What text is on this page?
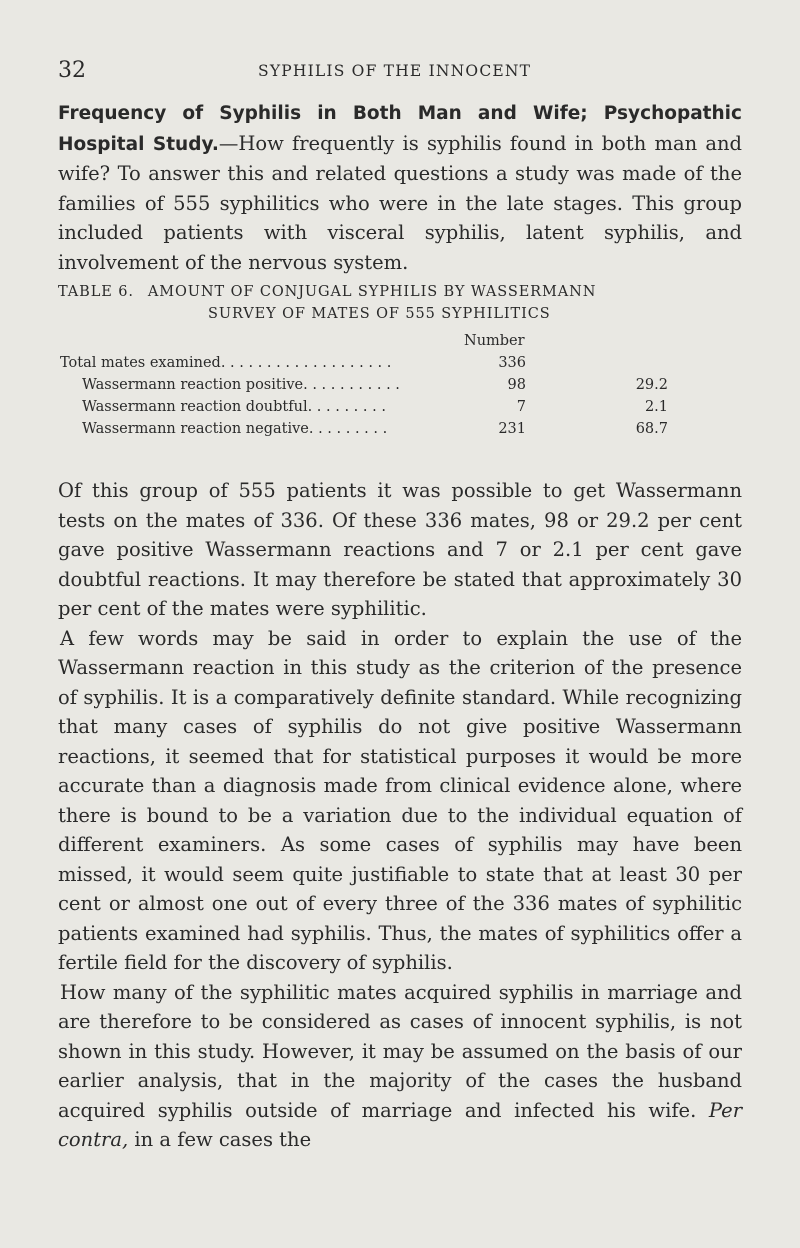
32	SYPHILIS OF THE INNOCENT

Frequency of Syphilis in Both Man and Wife; Psychopathic Hospital Study.—How frequently is syphilis found in both man and wife? To answer this and related questions a study was made of the families of 555 syphilitics who were in the late stages. This group included patients with visceral syphilis, latent syphilis, and involvement of the nervous system.

TABLE 6. AMOUNT OF CONJUGAL SYPHILIS BY WASSERMANN
SURVEY OF MATES OF 555 SYPHILITICS
Number
Total mates examined. . . . . . . . . . . . . . . . . . .	336
Wassermann reaction positive. . . . . . . . . . .	98	29.2
Wassermann reaction doubtful. . . . . . . . .	7	2.1
Wassermann reaction negative. . . . . . . . .	231	68.7

Of this group of 555 patients it was possible to get Wassermann tests on the mates of 336. Of these 336 mates, 98 or 29.2 per cent gave positive Wassermann reactions and 7 or 2.1 per cent gave doubtful reactions. It may therefore be stated that approximately 30 per cent of the mates were syphilitic.

A few words may be said in order to explain the use of the Wassermann reaction in this study as the criterion of the presence of syphilis. It is a comparatively definite standard. While recognizing that many cases of syphilis do not give positive Wassermann reactions, it seemed that for statistical purposes it would be more accurate than a diagnosis made from clinical evidence alone, where there is bound to be a variation due to the individual equation of different examiners. As some cases of syphilis may have been missed, it would seem quite justifiable to state that at least 30 per cent or almost one out of every three of the 336 mates of syphilitic patients examined had syphilis. Thus, the mates of syphilitics offer a fertile field for the discovery of syphilis.

How many of the syphilitic mates acquired syphilis in marriage and are therefore to be considered as cases of innocent syphilis, is not shown in this study. However, it may be assumed on the basis of our earlier analysis, that in the majority of the cases the husband acquired syphilis outside of marriage and infected his wife. Per contra, in a few cases the
